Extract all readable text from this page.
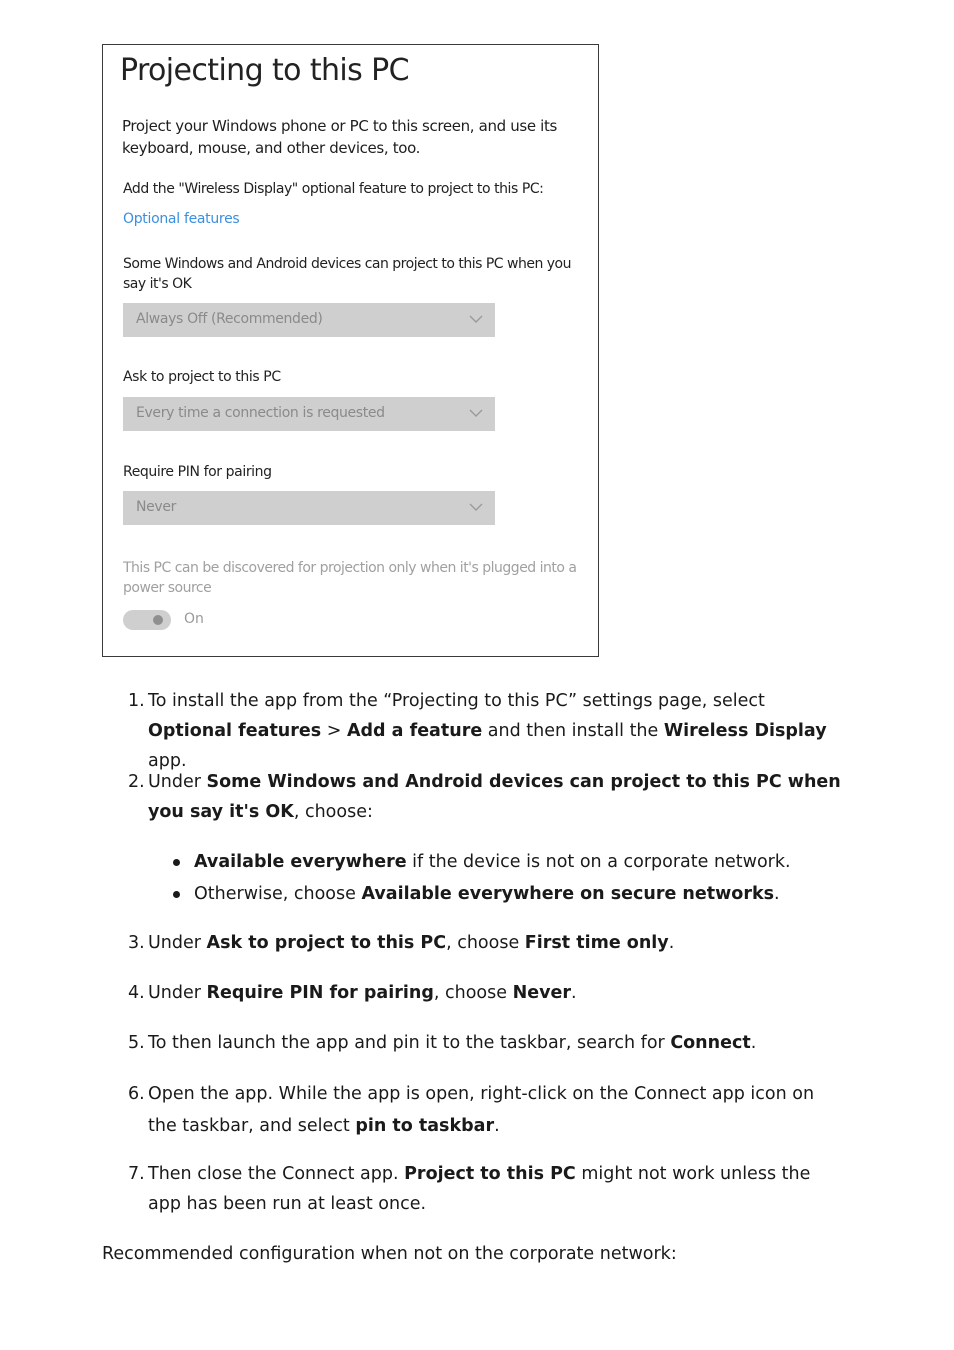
Projecting to this PC
Project your Windows phone or PC to this screen, and use its keyboard, mouse, and other devices, too.
Add the "Wireless Display" optional feature to project to this PC:
Optional features
Some Windows and Android devices can project to this PC when you say it's OK
Always Off (Recommended)
Ask to project to this PC
Every time a connection is requested
Require PIN for pairing
Never
This PC can be discovered for projection only when it's plugged into a power source
On
1. To install the app from the “Projecting to this PC” settings page, select Optional features > Add a feature and then install the Wireless Display app.
2. Under Some Windows and Android devices can project to this PC when you say it's OK, choose:
Available everywhere if the device is not on a corporate network.
Otherwise, choose Available everywhere on secure networks.
3. Under Ask to project to this PC, choose First time only.
4. Under Require PIN for pairing, choose Never.
5. To then launch the app and pin it to the taskbar, search for Connect.
6. Open the app. While the app is open, right-click on the Connect app icon on the taskbar, and select pin to taskbar.
7. Then close the Connect app. Project to this PC might not work unless the app has been run at least once.
Recommended configuration when not on the corporate network:
